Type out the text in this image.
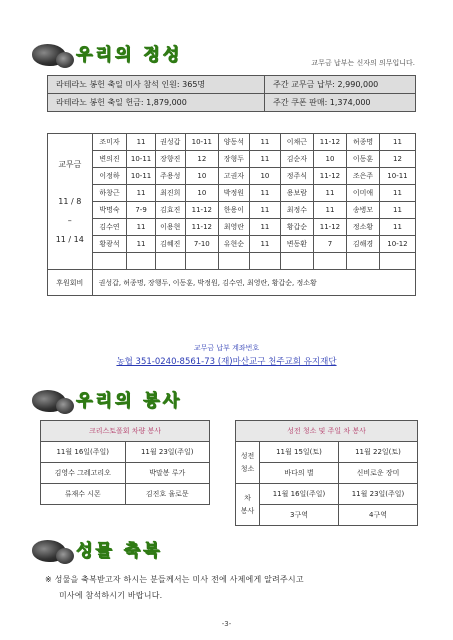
우리의 정성	교무금 납부는 신자의 의무입니다.
라테라노 봉헌 축일 미사 참석 인원: 365명	주간 교무금 납부: 2,990,000
라테라노 봉헌 축일 헌금: 1,879,000	주간 쿠폰 판매: 1,374,000
교무금
11 / 8
–
11 / 14	조미자	11	권성갑	10-11	양동석	11	이채근	11-12	허종명	11
	변의진	10-11	장향진	12	장형두	11	김순자	10	이동훈	12
	이정하	10-11	주용성	10	고권자	10	정주식	11-12	조은주	10-11
	하창근	11	최진희	10	박정원	11	용보람	11	이미애	11
	박명숙	7-9	김효진	11-12	한용이	11	최정수	11	송병모	11
	김수연	11	이용현	11-12	최영란	11	황갑순	11-12	정소황	11
	황광석	11	김혜진	7-10	유현순	11	변동환	7	김해경	10-12

후원회비	권성갑, 허종명, 장행두, 이동훈, 박정원, 김수연, 최영란, 황갑순, 정소황									
교무금 납부 계좌번호
농협 351-0240-8561-73 (재)마산교구 천주교회 유지재단
우리의 봉사
크리스토폴회 차량 봉사	
11월 16일(주일)	11월 23일(주일)
김영수 그레고리오	박말봉 루가
류재수 시몬	김진호 율로문
성전 청소 및 주일 차 봉사		

성전
청소	11월 15일(토)	11월 22일(토)
	바다의 별	신비로운 장미

차
봉사	11월 16일(주일)	11월 23일(주일)
	3구역	4구역
성물 축복
※ 성물을 축복받고자 하시는 분들께서는 미사 전에 사제에게 알려주시고
미사에 참석하시기 바랍니다.
-3-
